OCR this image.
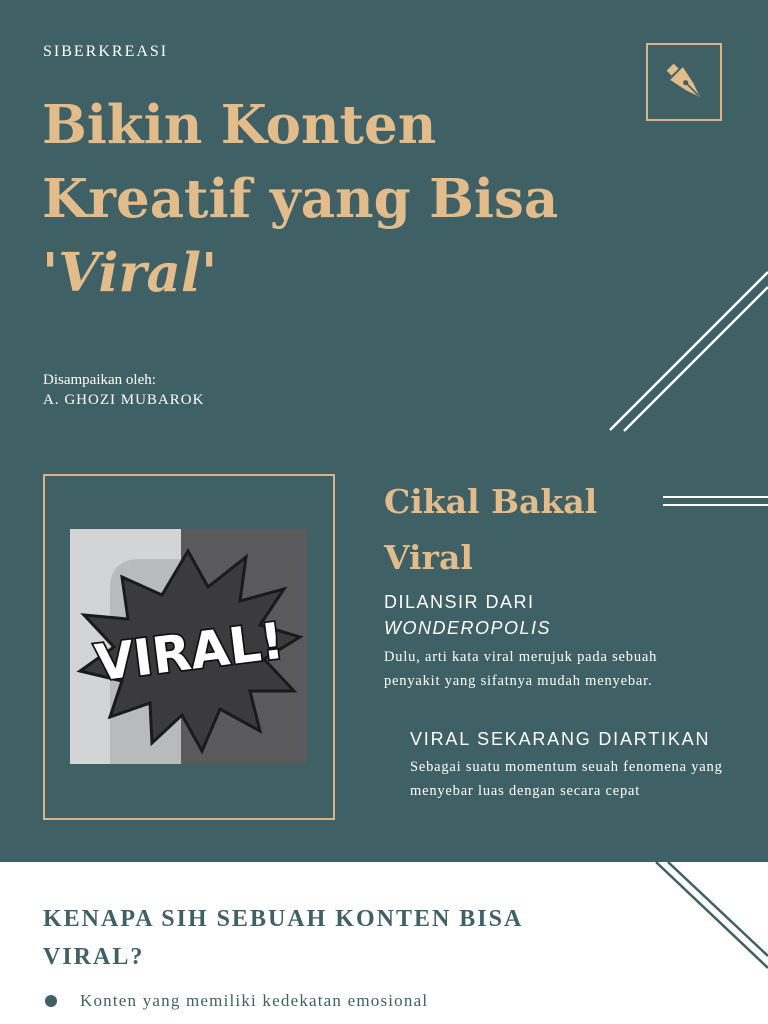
SIBERKREASI
Bikin Konten
Kreatif yang Bisa
'Viral'
Disampaikan oleh:
A. GHOZI MUBAROK
VIRAL!
Cikal Bakal
Viral
DILANSIR DARI
WONDEROPOLIS
Dulu, arti kata viral merujuk pada sebuah penyakit yang sifatnya mudah menyebar.
VIRAL SEKARANG DIARTIKAN
Sebagai suatu momentum seuah fenomena yang menyebar luas dengan secara cepat
KENAPA SIH SEBUAH KONTEN BISA VIRAL?
Konten yang memiliki kedekatan emosional
